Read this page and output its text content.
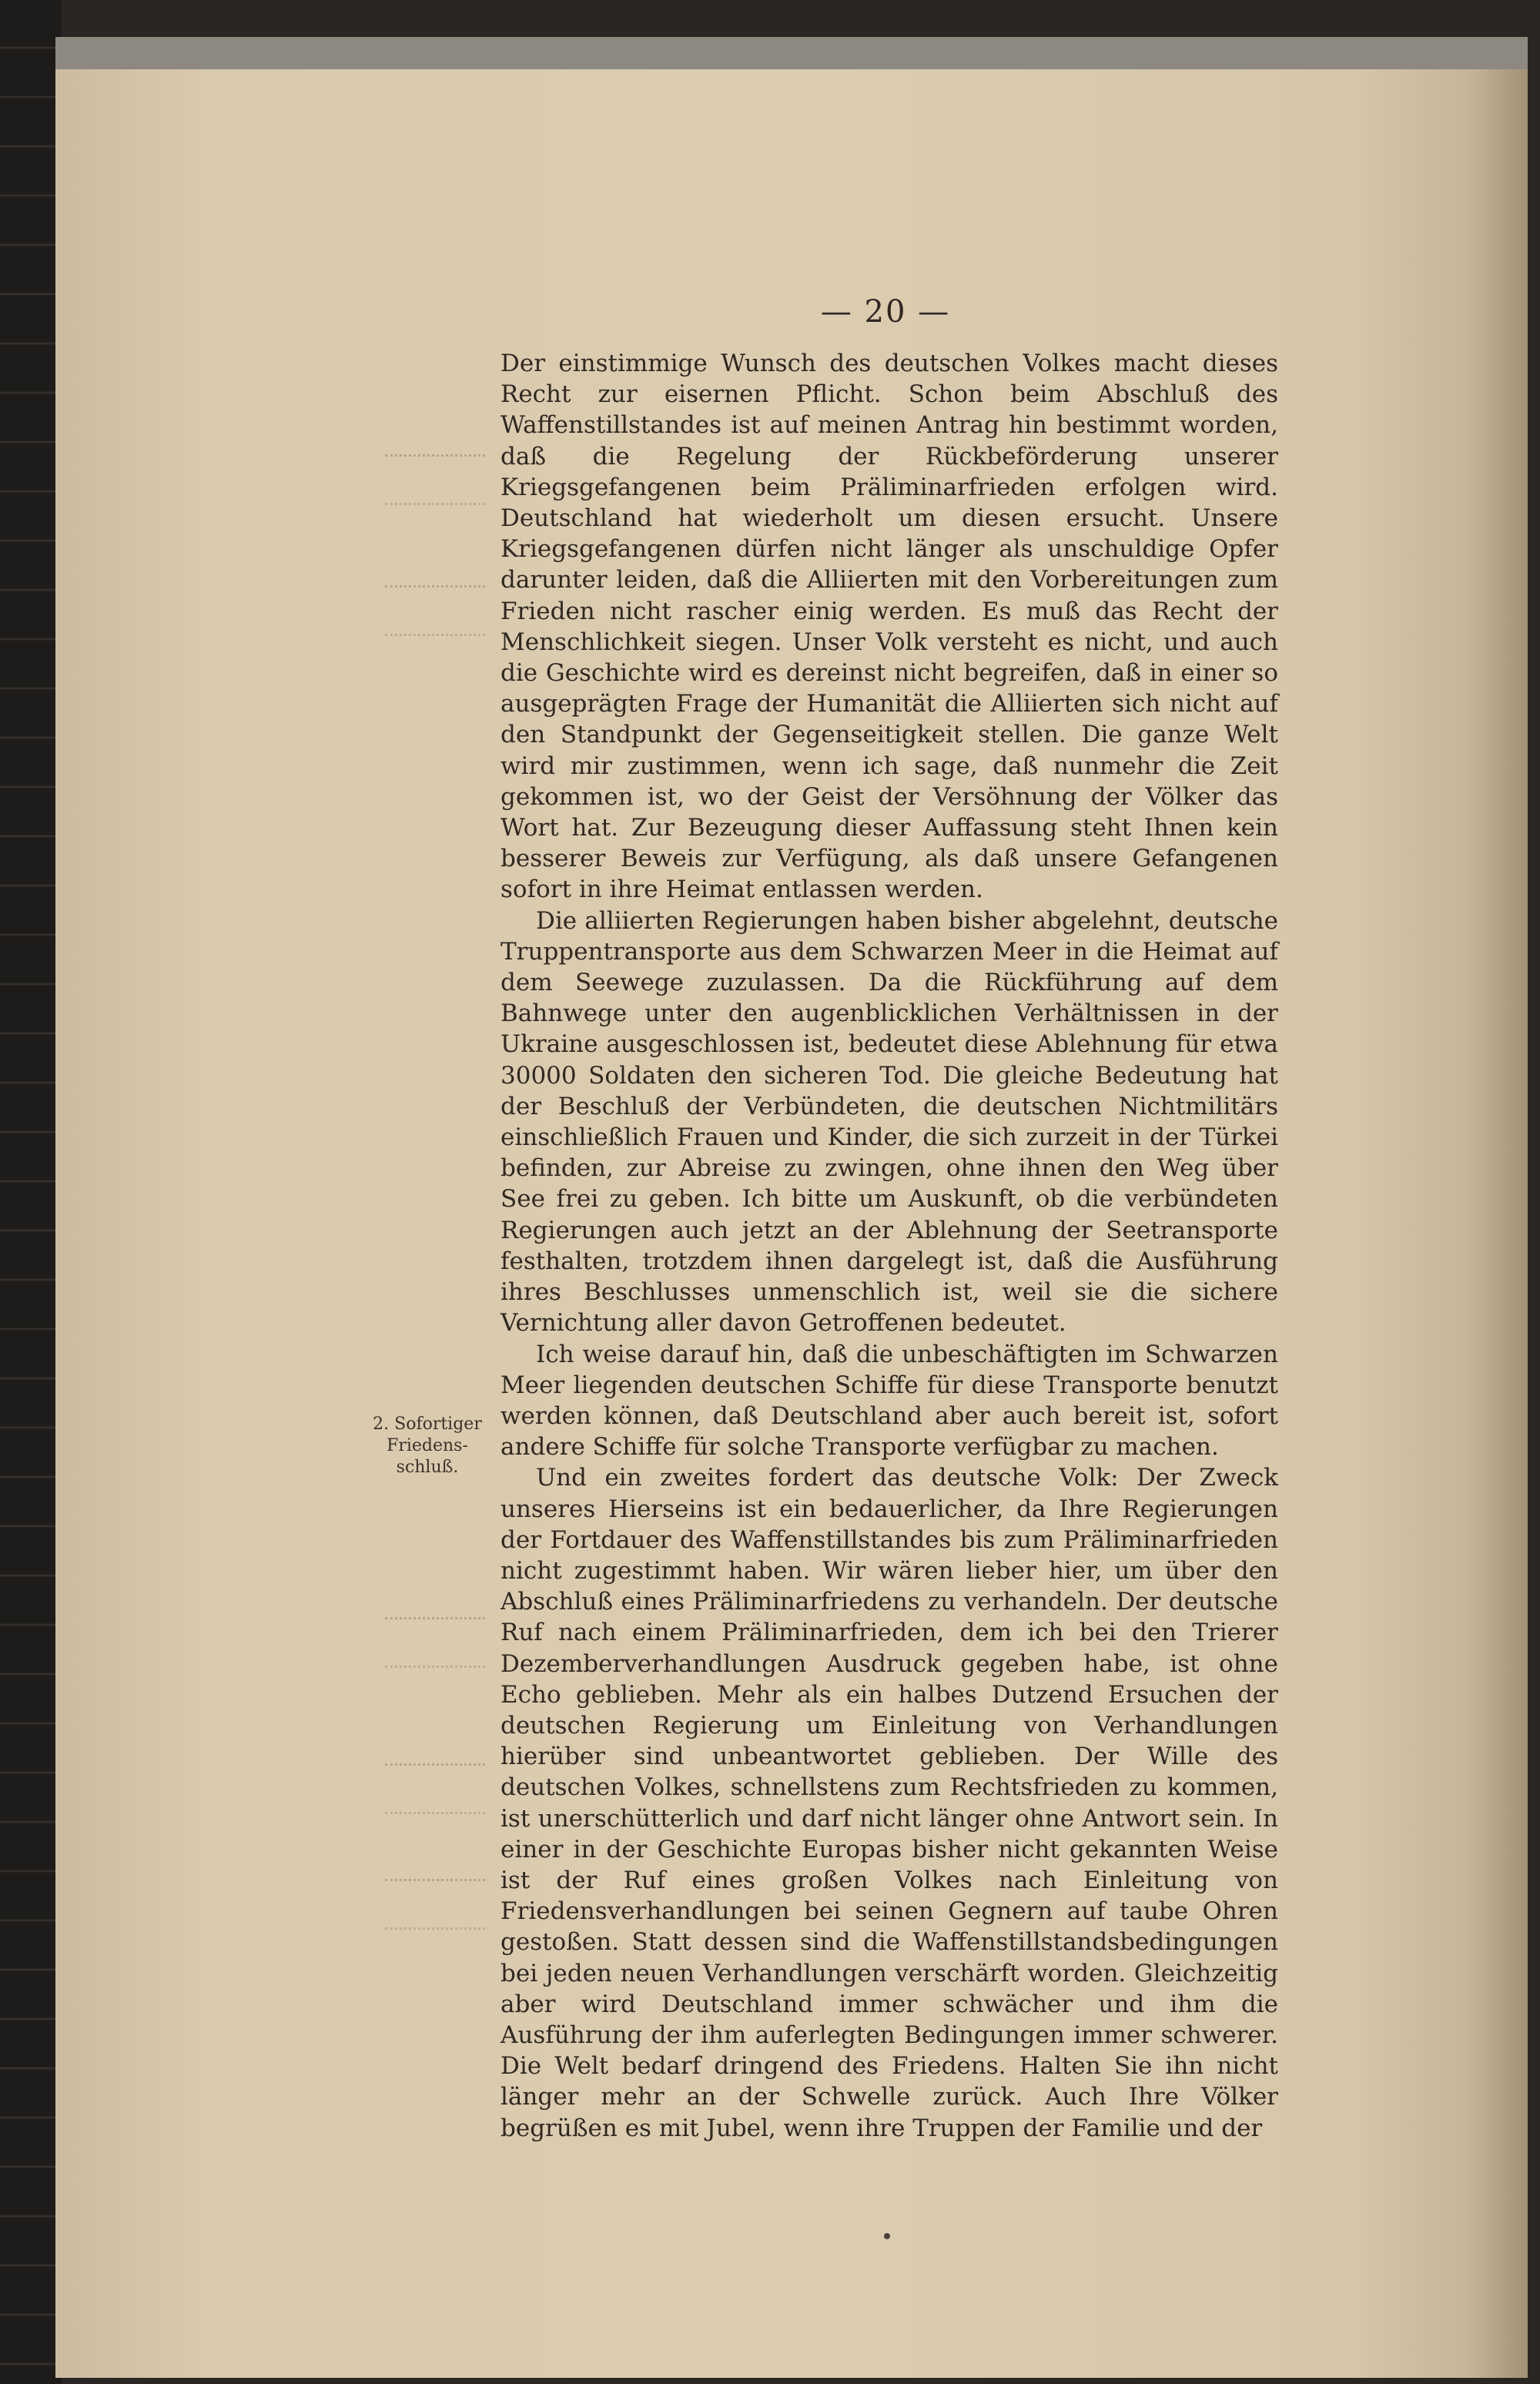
— 20 —
2. Sofortiger Friedens-schluß.

Der einstimmige Wunsch des deutschen Volkes macht dieses Recht zur eisernen Pflicht. Schon beim Abschluß des Waffenstillstandes ist auf meinen Antrag hin bestimmt worden, daß die Regelung der Rückbeförderung unserer Kriegsgefangenen beim Präliminarfrieden erfolgen wird. Deutschland hat wiederholt um diesen ersucht. Unsere Kriegsgefangenen dürfen nicht länger als unschuldige Opfer darunter leiden, daß die Alliierten mit den Vorbereitungen zum Frieden nicht rascher einig werden. Es muß das Recht der Menschlichkeit siegen. Unser Volk versteht es nicht, und auch die Geschichte wird es dereinst nicht begreifen, daß in einer so ausgeprägten Frage der Humanität die Alliierten sich nicht auf den Standpunkt der Gegenseitigkeit stellen. Die ganze Welt wird mir zustimmen, wenn ich sage, daß nunmehr die Zeit gekommen ist, wo der Geist der Versöhnung der Völker das Wort hat. Zur Bezeugung dieser Auffassung steht Ihnen kein besserer Beweis zur Verfügung, als daß unsere Gefangenen sofort in ihre Heimat entlassen werden.

Die alliierten Regierungen haben bisher abgelehnt, deutsche Truppentransporte aus dem Schwarzen Meer in die Heimat auf dem Seewege zuzulassen. Da die Rückführung auf dem Bahnwege unter den augenblicklichen Verhältnissen in der Ukraine ausgeschlossen ist, bedeutet diese Ablehnung für etwa 30000 Soldaten den sicheren Tod. Die gleiche Bedeutung hat der Beschluß der Verbündeten, die deutschen Nichtmilitärs einschließlich Frauen und Kinder, die sich zurzeit in der Türkei befinden, zur Abreise zu zwingen, ohne ihnen den Weg über See frei zu geben. Ich bitte um Auskunft, ob die verbündeten Regierungen auch jetzt an der Ablehnung der Seetransporte festhalten, trotzdem ihnen dargelegt ist, daß die Ausführung ihres Beschlusses unmenschlich ist, weil sie die sichere Vernichtung aller davon Getroffenen bedeutet.

Ich weise darauf hin, daß die unbeschäftigten im Schwarzen Meer liegenden deutschen Schiffe für diese Transporte benutzt werden können, daß Deutschland aber auch bereit ist, sofort andere Schiffe für solche Transporte verfügbar zu machen.

Und ein zweites fordert das deutsche Volk: Der Zweck unseres Hierseins ist ein bedauerlicher, da Ihre Regierungen der Fortdauer des Waffenstillstandes bis zum Präliminarfrieden nicht zugestimmt haben. Wir wären lieber hier, um über den Abschluß eines Präliminarfriedens zu verhandeln. Der deutsche Ruf nach einem Präliminarfrieden, dem ich bei den Trierer Dezemberverhandlungen Ausdruck gegeben habe, ist ohne Echo geblieben. Mehr als ein halbes Dutzend Ersuchen der deutschen Regierung um Einleitung von Verhandlungen hierüber sind unbeantwortet geblieben. Der Wille des deutschen Volkes, schnellstens zum Rechtsfrieden zu kommen, ist unerschütterlich und darf nicht länger ohne Antwort sein. In einer in der Geschichte Europas bisher nicht gekannten Weise ist der Ruf eines großen Volkes nach Einleitung von Friedensverhandlungen bei seinen Gegnern auf taube Ohren gestoßen. Statt dessen sind die Waffenstillstandsbedingungen bei jeden neuen Verhandlungen verschärft worden. Gleichzeitig aber wird Deutschland immer schwächer und ihm die Ausführung der ihm auferlegten Bedingungen immer schwerer. Die Welt bedarf dringend des Friedens. Halten Sie ihn nicht länger mehr an der Schwelle zurück. Auch Ihre Völker begrüßen es mit Jubel, wenn ihre Truppen der Familie und der
